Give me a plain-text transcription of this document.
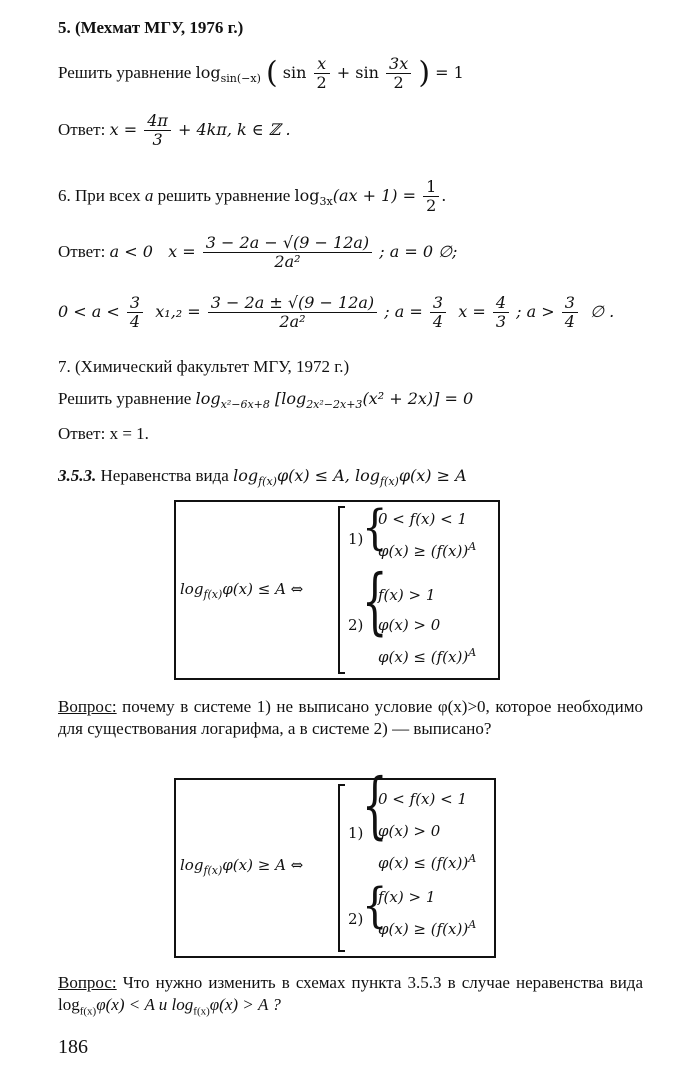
5. (Мехмат МГУ, 1976 г.)
Решить уравнение $\log_{sin(-x)}$ ( $\sin \frac{x}{2} + \sin \frac{3x}{2}$ ) = 1
Ответ: $x = \frac{4\pi}{3} + 4k\pi$, k ∈ ℤ .
6. При всех a решить уравнение $\log_{3x}(ax + 1) = \frac{1}{2}$ .
Ответ: a < 0 $x = \frac{3 - 2a - √(9 - 12a)}{\text{2a²}}$ ; a = 0 ∅;
$0 < a < \frac{3}{4} x_1,_2 = \frac{3 - 2a \pm √(9 - 12a)}{\text{2a²}}$ ; $a = \frac{3}{4}$ $x = \frac{4}{3}$ ; $a > \frac{3}{4}$ ∅ .
7. (Химический факультет МГУ, 1972 г.)
Решить уравнение $\log_{x^2-6x+8} [\log_{2x^2-2x+3}(x^2 + 2x)] = 0$
Ответ: x = 1.
3.5.3. Неравенства вида $\log_{f(x)}\varphi(x) \le A$, $\log_{f(x)}\varphi(x) \ge A$
$\log_{f(x)}\varphi(x) \le A$ ⇔
1)
{
0 < f(x) < 1
$\varphi(x) \ge (f(x))^A$
2)
{
f(x) > 1
φ(x) > 0
$\varphi(x) \le (f(x))^A$
Вопрос: почему в системе 1) не выписано условие φ(x)>0, которое необходимо для существования логарифма, а в системе 2) — выписано?
$\log_{f(x)}\varphi(x) \ge A$ ⇔
1)
{
0 < f(x) < 1
φ(x) > 0
$\varphi(x) \le (f(x))^A$
2)
{
f(x) > 1
$\varphi(x) \ge (f(x))^A$
Вопрос: Что нужно изменить в схемах пункта 3.5.3 в случае неравенства вида $\log_{f(x)}\varphi(x) < A$ и $\log_{f(x)}\varphi(x) > A$ ?
186
